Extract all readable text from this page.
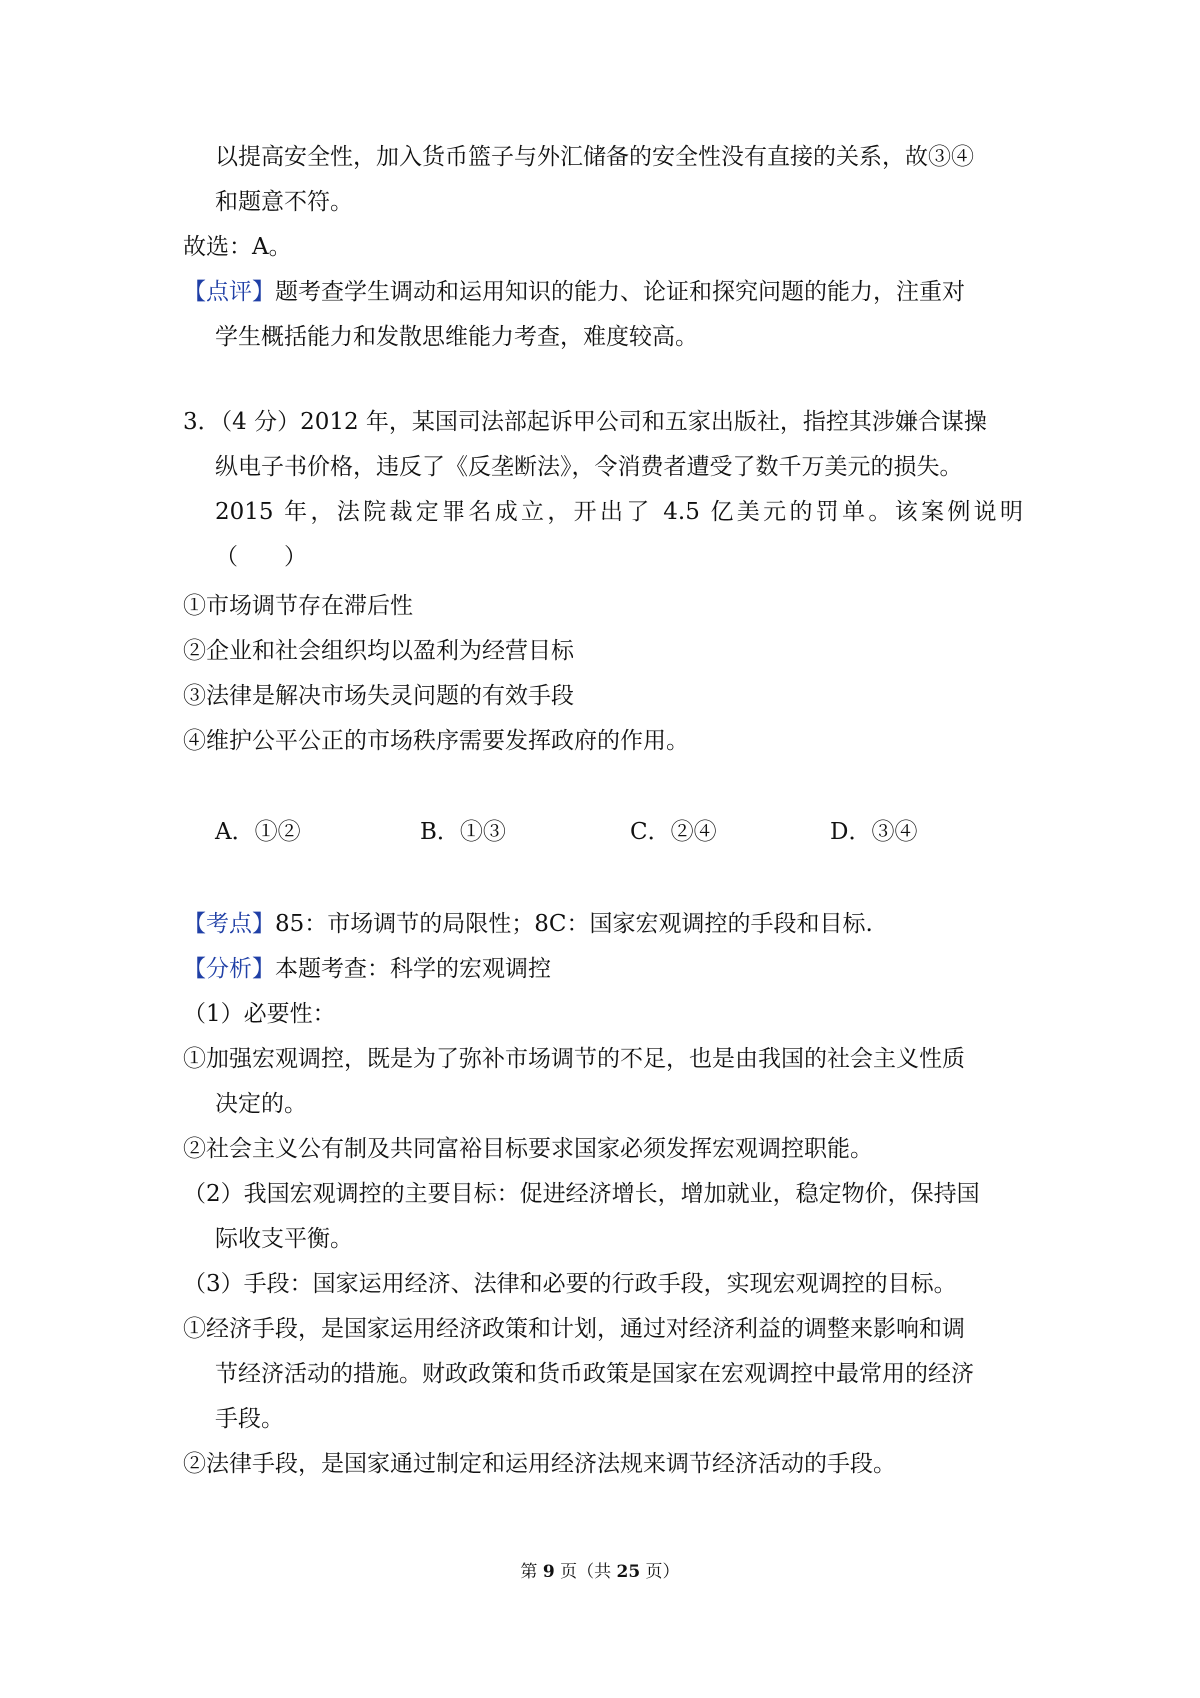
以提高安全性，加入货币篮子与外汇储备的安全性没有直接的关系，故③④
和题意不符。
故选：A。
【点评】题考查学生调动和运用知识的能力、论证和探究问题的能力，注重对
学生概括能力和发散思维能力考查，难度较高。
3．（4 分）2012 年，某国司法部起诉甲公司和五家出版社，指控其涉嫌合谋操
纵电子书价格，违反了《反垄断法》，令消费者遭受了数千万美元的损失。
2015 年，法院裁定罪名成立，开出了 4.5 亿美元的罚单。该案例说明
（　　）
①市场调节存在滞后性
②企业和社会组织均以盈利为经营目标
③法律是解决市场失灵问题的有效手段
④维护公平公正的市场秩序需要发挥政府的作用。
A．①②	B．①③	C．②④	D．③④
【考点】85：市场调节的局限性；8C：国家宏观调控的手段和目标.
【分析】本题考查：科学的宏观调控
（1）必要性：
①加强宏观调控，既是为了弥补市场调节的不足，也是由我国的社会主义性质
决定的。
②社会主义公有制及共同富裕目标要求国家必须发挥宏观调控职能。
（2）我国宏观调控的主要目标：促进经济增长，增加就业，稳定物价，保持国
际收支平衡。
（3）手段：国家运用经济、法律和必要的行政手段，实现宏观调控的目标。
①经济手段，是国家运用经济政策和计划，通过对经济利益的调整来影响和调
节经济活动的措施。财政政策和货币政策是国家在宏观调控中最常用的经济
手段。
②法律手段，是国家通过制定和运用经济法规来调节经济活动的手段。
第 9 页（共 25 页）
